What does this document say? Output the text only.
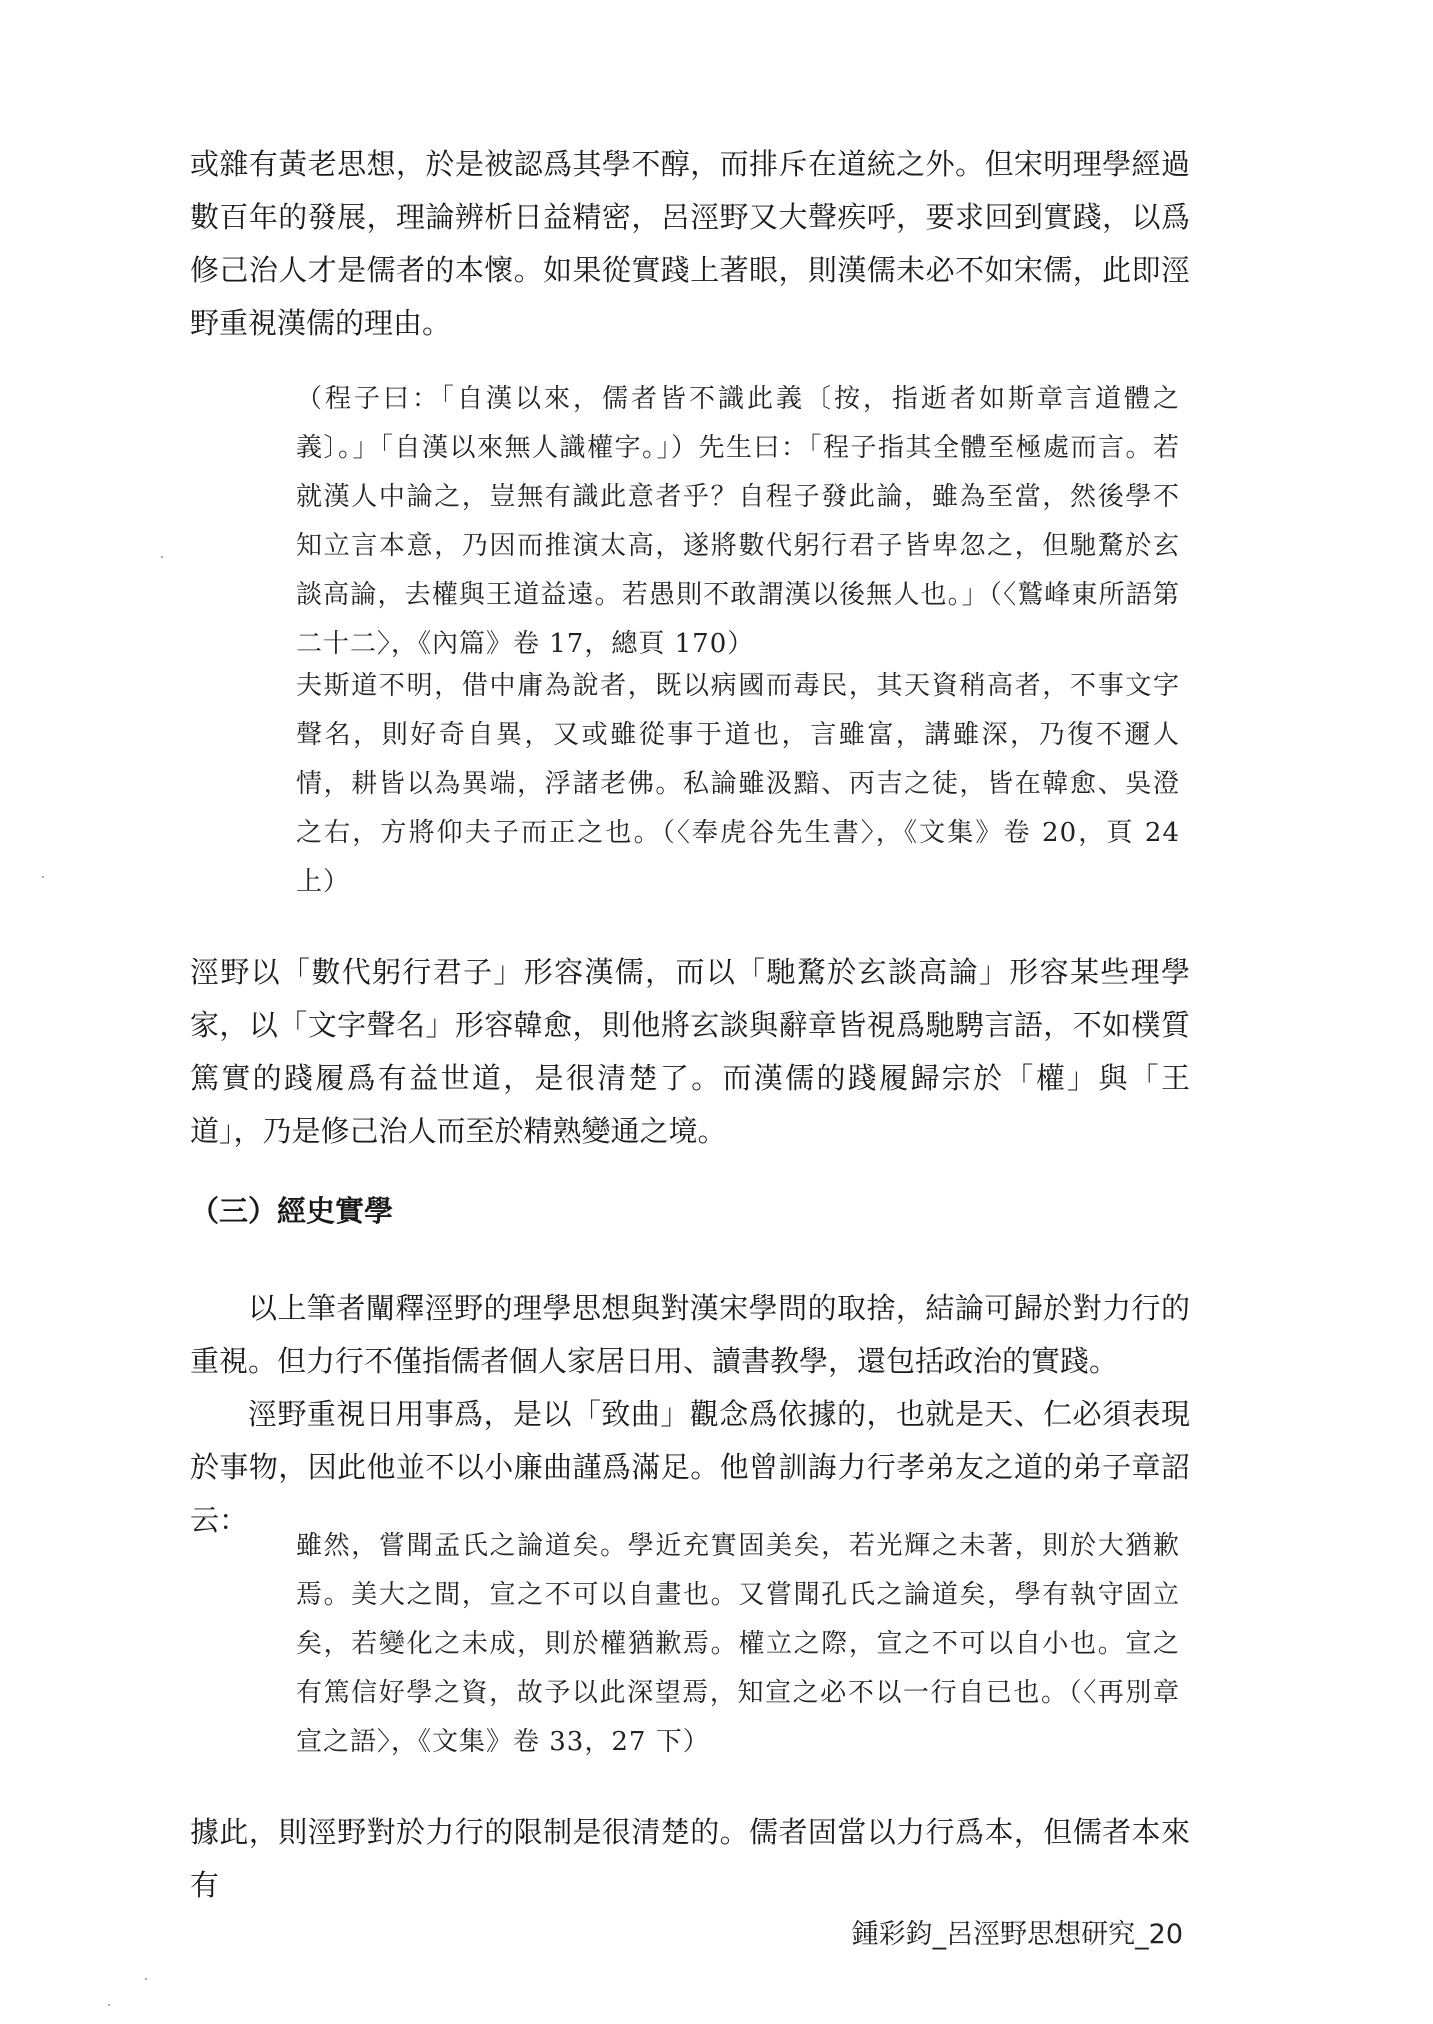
或雜有黃老思想，於是被認爲其學不醇，而排斥在道統之外。但宋明理學經過數百年的發展，理論辨析日益精密，呂涇野又大聲疾呼，要求回到實踐，以爲修己治人才是儒者的本懷。如果從實踐上著眼，則漢儒未必不如宋儒，此即涇野重視漢儒的理由。

（程子曰：「自漢以來，儒者皆不識此義〔按，指逝者如斯章言道體之義〕。」「自漢以來無人識權字。」）先生曰：「程子指其全體至極處而言。若就漢人中論之，豈無有識此意者乎？自程子發此論，雖為至當，然後學不知立言本意，乃因而推演太高，遂將數代躬行君子皆卑忽之，但馳騖於玄談高論，去權與王道益遠。若愚則不敢謂漢以後無人也。」（〈鷲峰東所語第二十二〉，《內篇》卷 17，總頁 170）

夫斯道不明，借中庸為說者，既以病國而毒民，其天資稍高者，不事文字聲名，則好奇自異，又或雖從事于道也，言雖富，講雖深，乃復不邇人情，耕皆以為異端，浮諸老佛。私論雖汲黯、丙吉之徒，皆在韓愈、吳澄之右，方將仰夫子而正之也。（〈奉虎谷先生書〉，《文集》卷 20，頁 24 上）

涇野以「數代躬行君子」形容漢儒，而以「馳騖於玄談高論」形容某些理學家，以「文字聲名」形容韓愈，則他將玄談與辭章皆視爲馳騁言語，不如樸質篤實的踐履爲有益世道，是很清楚了。而漢儒的踐履歸宗於「權」與「王道」，乃是修己治人而至於精熟變通之境。

（三）經史實學

以上筆者闡釋涇野的理學思想與對漢宋學問的取捨，結論可歸於對力行的重視。但力行不僅指儒者個人家居日用、讀書教學，還包括政治的實踐。

涇野重視日用事爲，是以「致曲」觀念爲依據的，也就是天、仁必須表現於事物，因此他並不以小廉曲謹爲滿足。他曾訓誨力行孝弟友之道的弟子章詔云：

雖然，嘗聞孟氏之論道矣。學近充實固美矣，若光輝之未著，則於大猶歉焉。美大之間，宣之不可以自畫也。又嘗聞孔氏之論道矣，學有執守固立矣，若變化之未成，則於權猶歉焉。權立之際，宣之不可以自小也。宣之有篤信好學之資，故予以此深望焉，知宣之必不以一行自已也。（〈再別章宣之語〉，《文集》卷 33，27 下）

據此，則涇野對於力行的限制是很清楚的。儒者固當以力行爲本，但儒者本來有

鍾彩鈞_呂涇野思想研究_20
